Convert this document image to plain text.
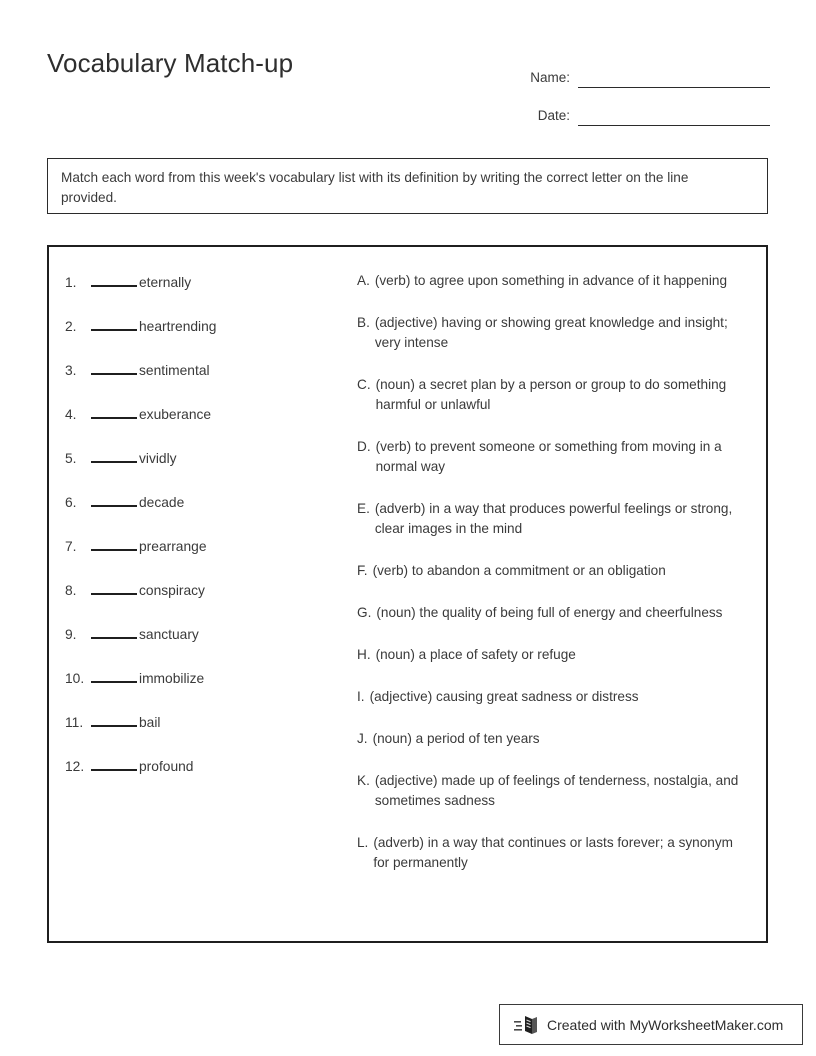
Vocabulary Match-up	Name:
Date:
Match each word from this week's vocabulary list with its definition by writing the correct letter on the line provided.
1.	eternally
2.	heartrending
3.	sentimental
4.	exuberance
5.	vividly
6.	decade
7.	prearrange
8.	conspiracy
9.	sanctuary
10.	immobilize
11.	bail
12.	profound
A. (verb) to agree upon something in advance of it happening
B. (adjective) having or showing great knowledge and insight; very intense
C. (noun) a secret plan by a person or group to do something harmful or unlawful
D. (verb) to prevent someone or something from moving in a normal way
E. (adverb) in a way that produces powerful feelings or strong, clear images in the mind
F. (verb) to abandon a commitment or an obligation
G. (noun) the quality of being full of energy and cheerfulness
H. (noun) a place of safety or refuge
I. (adjective) causing great sadness or distress
J. (noun) a period of ten years
K. (adjective) made up of feelings of tenderness, nostalgia, and sometimes sadness
L. (adverb) in a way that continues or lasts forever; a synonym for permanently
Created with MyWorksheetMaker.com
